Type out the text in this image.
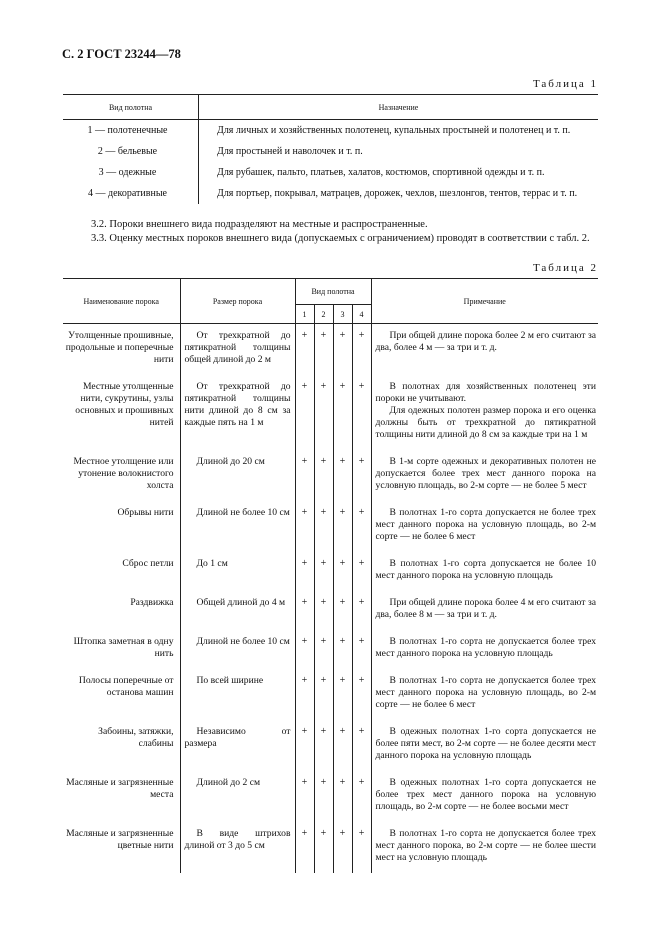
С. 2 ГОСТ 23244—78
Таблица 1
Вид полотна	Назначение
1 — полотенечные	Для личных и хозяйственных полотенец, купальных простыней и полотенец и т. п.
2 — бельевые	Для простыней и наволочек и т. п.
3 — одежные	Для рубашек, пальто, платьев, халатов, костюмов, спортивной одежды и т. п.
4 — декоративные	Для портьер, покрывал, матрацев, дорожек, чехлов, шезлонгов, тентов, террас и т. п.
3.2. Пороки внешнего вида подразделяют на местные и распространенные.
3.3. Оценку местных пороков внешнего вида (допускаемых с ограничением) проводят в соответствии с табл. 2.
Таблица 2
Наименование порока	Размер порока	Вид полотна				Примечание
		1	2	3	4	
Утолщенные прошивные, продольные и поперечные нити	От трехкратной до пятикратной толщины общей длиной до 2 м	+	+	+	+	При общей длине порока более 2 м его считают за два, более 4 м — за три и т. д.

Местные утолщенные нити, сукрутины, узлы основных и прошивных нитей	От трехкратной до пятикратной толщины нити длиной до 8 см за каждые пять на 1 м	+	+	+	+	В полотнах для хозяйственных полотенец эти пороки не учитывают.

Для одежных полотен размер порока и его оценка должны быть от трехкратной до пятикратной толщины нити длиной до 8 см за каждые три на 1 м

Местное утолщение или утонение волокнистого холста	Длиной до 20 см	+	+	+	+	В 1-м сорте одежных и декоративных полотен не допускается более трех мест данного порока на условную площадь, во 2-м сорте — не более 5 мест

Обрывы нити	Длиной не более 10 см	+	+	+	+	В полотнах 1-го сорта допускается не более трех мест данного порока на условную площадь, во 2-м сорте — не более 6 мест

Сброс петли	До 1 см	+	+	+	+	В полотнах 1-го сорта допускается не более 10 мест данного порока на условную площадь

Раздвижка	Общей длиной до 4 м	+	+	+	+	При общей длине порока более 4 м его считают за два, более 8 м — за три и т. д.

Штопка заметная в одну нить	Длиной не более 10 см	+	+	+	+	В полотнах 1-го сорта не допускается более трех мест данного порока на условную площадь

Полосы поперечные от останова машин	По всей ширине	+	+	+	+	В полотнах 1-го сорта не допускается более трех мест данного порока на условную площадь, во 2-м сорте — не более 6 мест

Забоины, затяжки, слабины	Независимо от размера	+	+	+	+	В одежных полотнах 1-го сорта допускается не более пяти мест, во 2-м сорте — не более десяти мест данного порока на условную площадь

Масляные и загрязненные места	Длиной до 2 см	+	+	+	+	В одежных полотнах 1-го сорта допускается не более трех мест данного порока на условную площадь, во 2-м сорте — не более восьми мест

Масляные и загрязненные цветные нити	В виде штрихов длиной от 3 до 5 см	+	+	+	+	В полотнах 1-го сорта не допускается более трех мест данного порока, во 2-м сорте — не более шести мест на условную площадь
